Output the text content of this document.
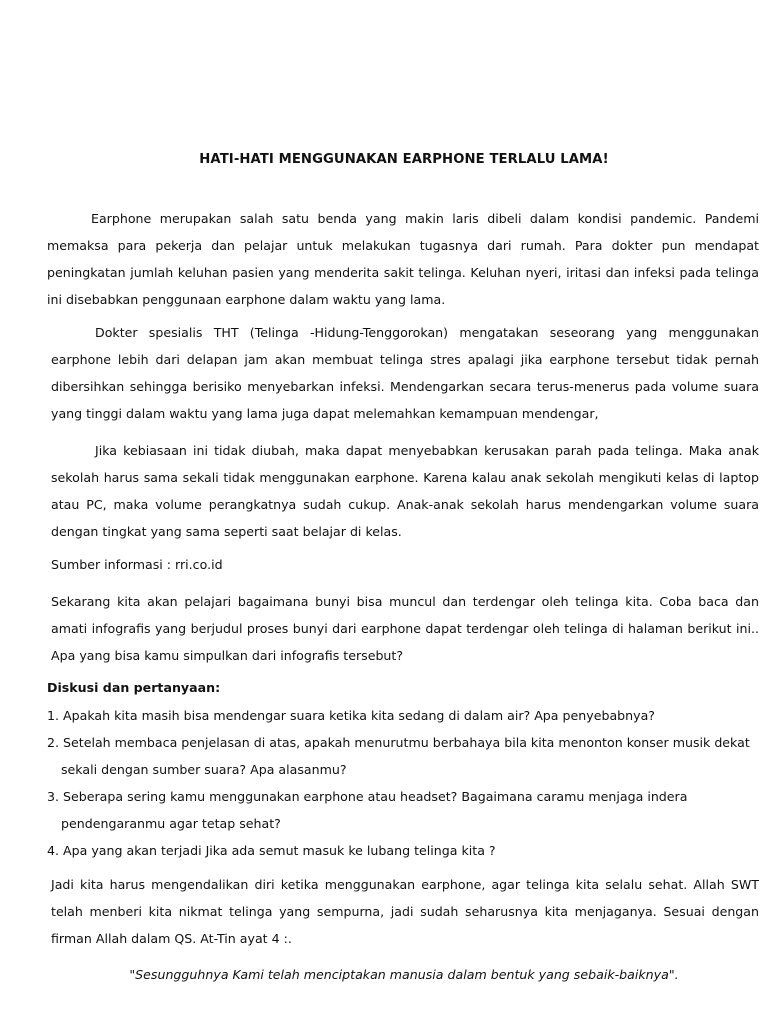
HATI-HATI MENGGUNAKAN EARPHONE TERLALU LAMA!

Earphone merupakan salah satu benda yang makin laris dibeli dalam kondisi pandemic. Pandemi memaksa para pekerja dan pelajar untuk melakukan tugasnya dari rumah. Para dokter pun mendapat peningkatan jumlah keluhan pasien yang menderita sakit telinga. Keluhan nyeri, iritasi dan infeksi pada telinga ini disebabkan penggunaan earphone dalam waktu yang lama.

Dokter spesialis THT (Telinga -Hidung-Tenggorokan) mengatakan seseorang yang menggunakan earphone lebih dari delapan jam akan membuat telinga stres apalagi jika earphone tersebut tidak pernah dibersihkan sehingga berisiko menyebarkan infeksi. Mendengarkan secara terus-menerus pada volume suara yang tinggi dalam waktu yang lama juga dapat melemahkan kemampuan mendengar,

Jika kebiasaan ini tidak diubah, maka dapat menyebabkan kerusakan parah pada telinga. Maka anak sekolah harus sama sekali tidak menggunakan earphone. Karena kalau anak sekolah mengikuti kelas di laptop atau PC, maka volume perangkatnya sudah cukup. Anak-anak sekolah harus mendengarkan volume suara dengan tingkat yang sama seperti saat belajar di kelas.

Sumber informasi : rri.co.id

Sekarang kita akan pelajari bagaimana bunyi bisa muncul dan terdengar oleh telinga kita. Coba baca dan amati infografis yang berjudul proses bunyi dari earphone dapat terdengar oleh telinga di halaman berikut ini.. Apa yang bisa kamu simpulkan dari infografis tersebut?

Diskusi dan pertanyaan:

1. Apakah kita masih bisa mendengar suara ketika kita sedang di dalam air? Apa penyebabnya?

2. Setelah membaca penjelasan di atas, apakah menurutmu berbahaya bila kita menonton konser musik dekat

sekali dengan sumber suara? Apa alasanmu?

3. Seberapa sering kamu menggunakan earphone atau headset? Bagaimana caramu menjaga indera

pendengaranmu agar tetap sehat?

4. Apa yang akan terjadi Jika ada semut masuk ke lubang telinga kita ?

Jadi kita harus mengendalikan diri ketika menggunakan earphone, agar telinga kita selalu sehat. Allah SWT telah menberi kita nikmat telinga yang sempurna, jadi sudah seharusnya kita menjaganya. Sesuai dengan firman Allah dalam QS. At-Tin ayat 4 :.

"Sesungguhnya Kami telah menciptakan manusia dalam bentuk yang sebaik-baiknya".
